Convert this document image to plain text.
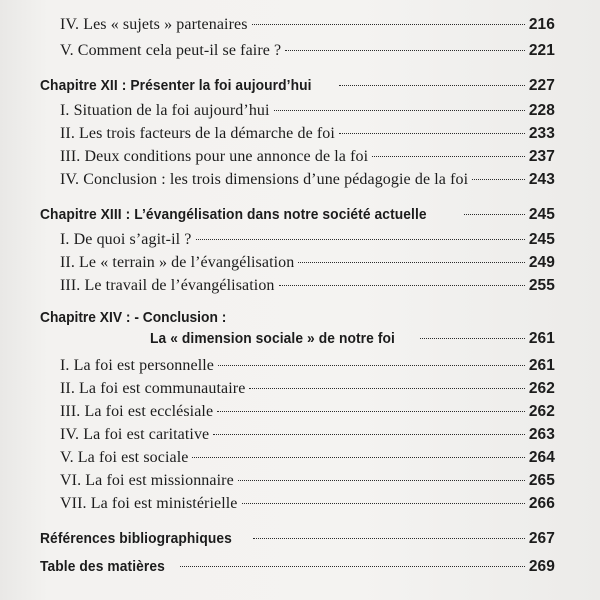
IV. Les « sujets » partenaires	216
V. Comment cela peut-il se faire ?	221
Chapitre XII : Présenter la foi aujourd’hui	227
I. Situation de la foi aujourd’hui	228
II. Les trois facteurs de la démarche de foi	233
III. Deux conditions pour une annonce de la foi	237
IV. Conclusion : les trois dimensions d’une pédagogie de la foi	243
Chapitre XIII : L’évangélisation dans notre société actuelle	245
I. De quoi s’agit-il ?	245
II. Le « terrain » de l’évangélisation	249
III. Le travail de l’évangélisation	255
Chapitre XIV : - Conclusion :
La « dimension sociale » de notre foi	261
I. La foi est personnelle	261
II. La foi est communautaire	262
III. La foi est ecclésiale	262
IV. La foi est caritative	263
V. La foi est sociale	264
VI. La foi est missionnaire	265
VII. La foi est ministérielle	266
Références bibliographiques	267
Table des matières	269
